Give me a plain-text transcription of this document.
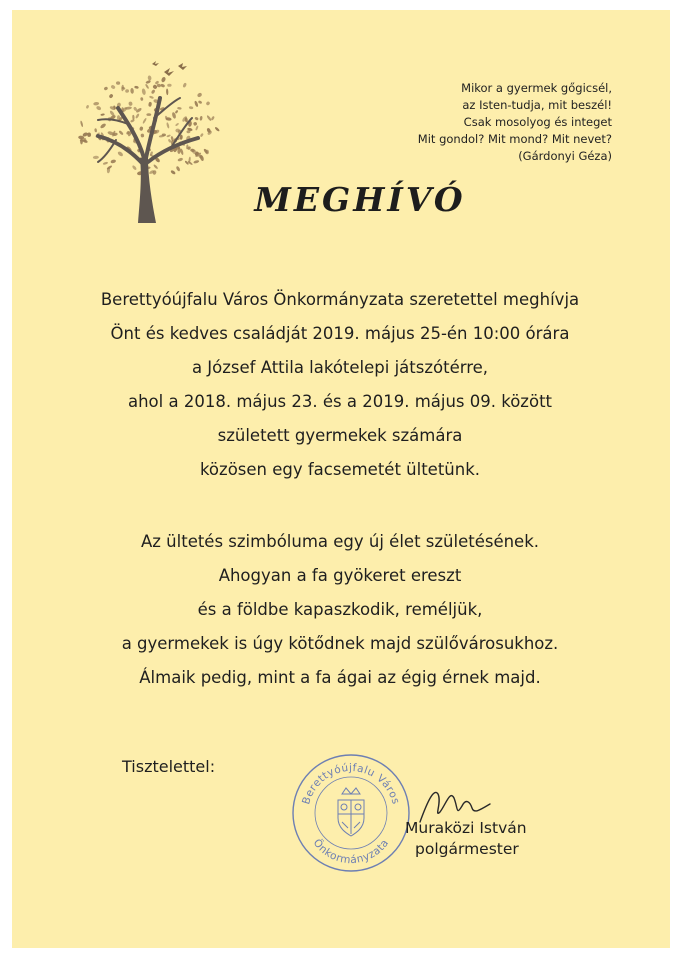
Mikor a gyermek gőgicsél,
az Isten-tudja, mit beszél!
Csak mosolyog és integet
Mit gondol? Mit mond? Mit nevet?
(Gárdonyi Géza)
MEGHÍVÓ
Berettyóújfalu Város Önkormányzata szeretettel meghívja
Önt és kedves családját 2019. május 25-én 10:00 órára
a József Attila lakótelepi játszótérre,
ahol a 2018. május 23. és a 2019. május 09. között
született gyermekek számára
közösen egy facsemetét ültetünk.
Az ültetés szimbóluma egy új élet születésének.
Ahogyan a fa gyökeret ereszt
és a földbe kapaszkodik, reméljük,
a gyermekek is úgy kötődnek majd szülővárosukhoz.
Álmaik pedig, mint a fa ágai az égig érnek majd.
Tisztelettel:
Berettyóújfalu Város
Önkormányzata
Muraközi István
polgármester
